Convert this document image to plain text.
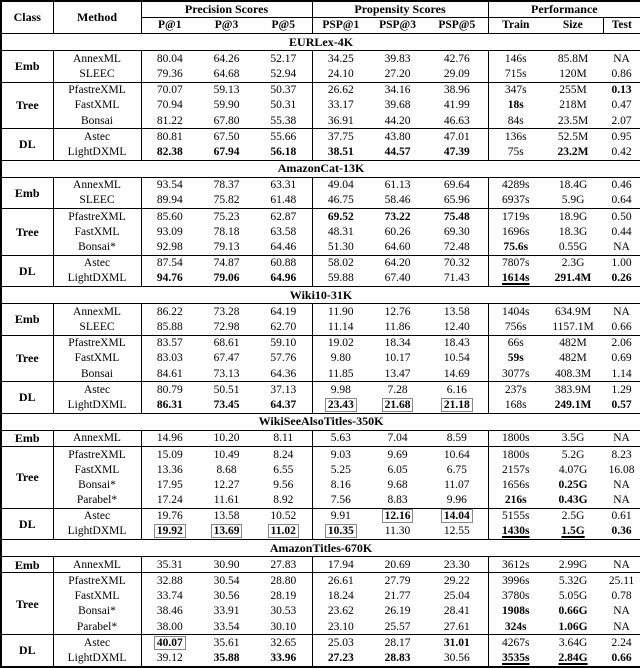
Class	Method	Precision Scores			Propensity Scores			Performance		
		P@1	P@3	P@5	PSP@1	PSP@3	PSP@5	Train	Size	Test
EURLex-4K										
Emb	AnnexML	80.04	64.26	52.17	34.25	39.83	42.76	146s	85.8M	NA
	SLEEC	79.36	64.68	52.94	24.10	27.20	29.09	715s	120M	0.86
Tree	PfastreXML	70.07	59.13	50.37	26.62	34.16	38.96	347s	255M	0.13
	FastXML	70.94	59.90	50.31	33.17	39.68	41.99	18s	218M	0.47
	Bonsai	81.22	67.80	55.38	36.91	44.20	46.63	84s	23.5M	2.07
DL	Astec	80.81	67.50	55.66	37.75	43.80	47.01	136s	52.5M	0.95
	LightDXML	82.38	67.94	56.18	38.51	44.57	47.39	75s	23.2M	0.42
AmazonCat-13K										
Emb	AnnexML	93.54	78.37	63.31	49.04	61.13	69.64	4289s	18.4G	0.46
	SLEEC	89.94	75.82	61.48	46.75	58.46	65.96	6937s	5.9G	0.64
Tree	PfastreXML	85.60	75.23	62.87	69.52	73.22	75.48	1719s	18.9G	0.50
	FastXML	93.09	78.18	63.58	48.31	60.26	69.30	1696s	18.3G	0.44
	Bonsai*	92.98	79.13	64.46	51.30	64.60	72.48	75.6s	0.55G	NA
DL	Astec	87.54	74.87	60.88	58.02	64.20	70.32	7807s	2.3G	1.00
	LightDXML	94.76	79.06	64.96	59.88	67.40	71.43	1614s	291.4M	0.26
Wiki10-31K										
Emb	AnnexML	86.22	73.28	64.19	11.90	12.76	13.58	1404s	634.9M	NA
	SLEEC	85.88	72.98	62.70	11.14	11.86	12.40	756s	1157.1M	0.66
Tree	PfastreXML	83.57	68.61	59.10	19.02	18.34	18.43	66s	482M	2.06
	FastXML	83.03	67.47	57.76	9.80	10.17	10.54	59s	482M	0.69
	Bonsai	84.61	73.13	64.36	11.85	13.47	14.69	3077s	408.3M	1.14
DL	Astec	80.79	50.51	37.13	9.98	7.28	6.16	237s	383.9M	1.29
	LightDXML	86.31	73.45	64.37	23.43	21.68	21.18	168s	249.1M	0.57
WikiSeeAlsoTitles-350K										
Emb	AnnexML	14.96	10.20	8.11	5.63	7.04	8.59	1800s	3.5G	NA
Tree	PfastreXML	15.09	10.49	8.24	9.03	9.69	10.64	1800s	5.2G	8.23
	FastXML	13.36	8.68	6.55	5.25	6.05	6.75	2157s	4.07G	16.08
	Bonsai*	17.95	12.27	9.56	8.16	9.68	11.07	1656s	0.25G	NA
	Parabel*	17.24	11.61	8.92	7.56	8.83	9.96	216s	0.43G	NA
DL	Astec	19.76	13.58	10.52	9.91	12.16	14.04	5155s	2.5G	0.61
	LightDXML	19.92	13.69	11.02	10.35	11.30	12.55	1430s	1.5G	0.36
AmazonTitles-670K										
Emb	AnnexML	35.31	30.90	27.83	17.94	20.69	23.30	3612s	2.99G	NA
Tree	PfastreXML	32.88	30.54	28.80	26.61	27.79	29.22	3996s	5.32G	25.11
	FastXML	33.74	30.56	28.19	18.24	21.77	25.04	3780s	5.05G	0.78
	Bonsai*	38.46	33.91	30.53	23.62	26.19	28.41	1908s	0.66G	NA
	Parabel*	38.00	33.54	30.10	23.10	25.57	27.61	324s	1.06G	NA
DL	Astec	40.07	35.61	32.65	25.03	28.17	31.01	4267s	3.64G	2.24
	LightDXML	39.12	35.88	33.96	27.23	28.83	30.56	3535s	2.84G	0.66
